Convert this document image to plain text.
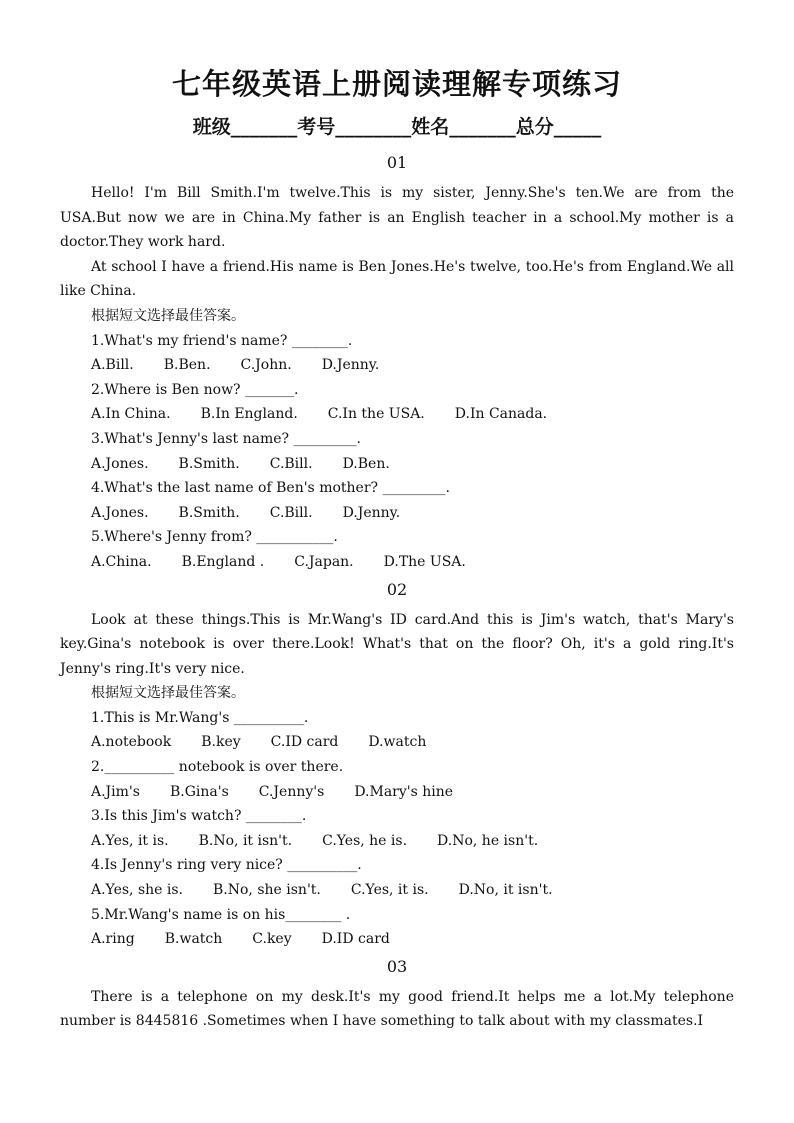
七年级英语上册阅读理解专项练习
班级_______考号________姓名_______总分_____
01
Hello! I'm Bill Smith.I'm twelve.This is my sister, Jenny.She's ten.We are from the USA.But now we are in China.My father is an English teacher in a school.My mother is a doctor.They work hard.
At school I have a friend.His name is Ben Jones.He's twelve, too.He's from England.We all like China.
根据短文选择最佳答案。
1.What's my friend's name? ________.
A.Bill. B.Ben. C.John. D.Jenny.
2.Where is Ben now? _______.
A.In China. B.In England. C.In the USA. D.In Canada.
3.What's Jenny's last name? _________.
A.Jones. B.Smith. C.Bill. D.Ben.
4.What's the last name of Ben's mother? _________.
A.Jones. B.Smith. C.Bill. D.Jenny.
5.Where's Jenny from? ___________.
A.China. B.England . C.Japan. D.The USA.
02
Look at these things.This is Mr.Wang's ID card.And this is Jim's watch, that's Mary's key.Gina's notebook is over there.Look! What's that on the floor? Oh, it's a gold ring.It's Jenny's ring.It's very nice.
根据短文选择最佳答案。
1.This is Mr.Wang's __________.
A.notebook B.key C.ID card D.watch
2.__________ notebook is over there.
A.Jim's B.Gina's C.Jenny's D.Mary's hine
3.Is this Jim's watch? ________.
A.Yes, it is. B.No, it isn't. C.Yes, he is. D.No, he isn't.
4.Is Jenny's ring very nice? __________.
A.Yes, she is. B.No, she isn't. C.Yes, it is. D.No, it isn't.
5.Mr.Wang's name is on his________ .
A.ring B.watch C.key D.ID card
03
There is a telephone on my desk.It's my good friend.It helps me a lot.My telephone number is 8445816 .Sometimes when I have something to talk about with my classmates.I
